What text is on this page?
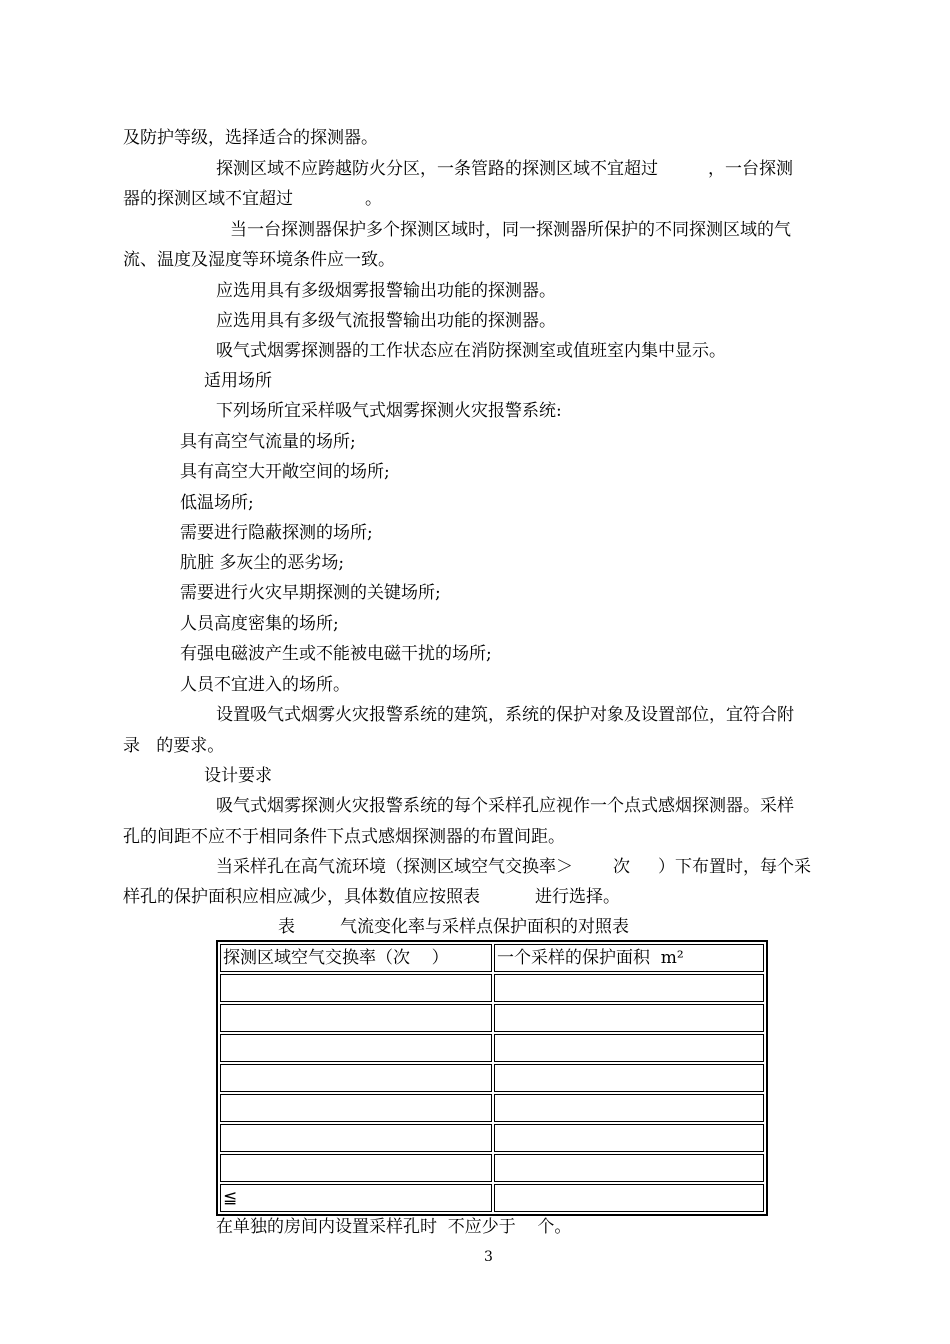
及防护等级，选择适合的探测器。

探测区域不应跨越防火分区，一条管路的探测区域不宜超过	，一台探测

器的探测区域不宜超过	。

当一台探测器保护多个探测区域时，同一探测器所保护的不同探测区域的气

流、温度及湿度等环境条件应一致。

应选用具有多级烟雾报警输出功能的探测器。

应选用具有多级气流报警输出功能的探测器。

吸气式烟雾探测器的工作状态应在消防探测室或值班室内集中显示。

适用场所

下列场所宜采样吸气式烟雾探测火灾报警系统:

具有高空气流量的场所;

具有高空大开敞空间的场所;

低温场所;

需要进行隐蔽探测的场所;

肮脏 多灰尘的恶劣场;

需要进行火灾早期探测的关键场所;

人员高度密集的场所;

有强电磁波产生或不能被电磁干扰的场所;

人员不宜进入的场所。

设置吸气式烟雾火灾报警系统的建筑，系统的保护对象及设置部位，宜符合附

录   的要求。

设计要求

吸气式烟雾探测火灾报警系统的每个采样孔应视作一个点式感烟探测器。采样

孔的间距不应不于相同条件下点式感烟探测器的布置间距。

当采样孔在高气流环境（探测区域空气交换率＞ 次 ）下布置时，每个采

样孔的保护面积应相应减少，具体数值应按照表	进行选择。

表	气流变化率与采样点保护面积的对照表

探测区域空气交换率（次    ）	一个采样的保护面积  m²

≦	

在单独的房间内设置采样孔时  不应少于    个。

3
